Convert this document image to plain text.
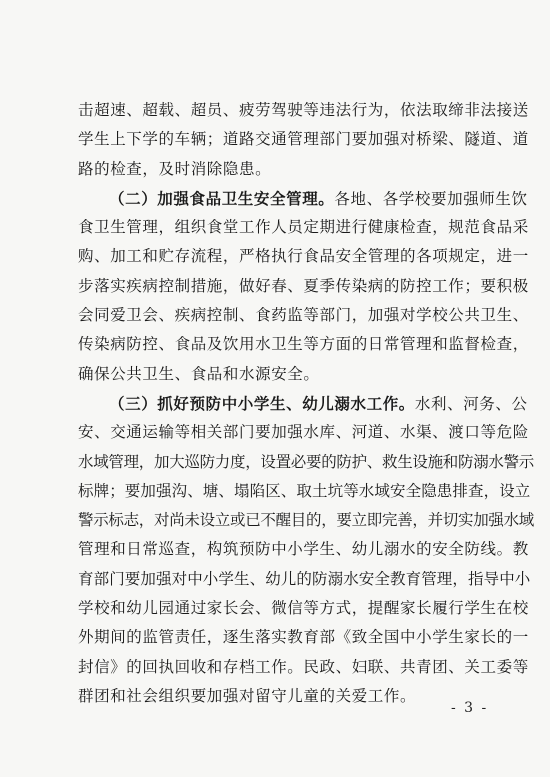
击超速、超载、超员、疲劳驾驶等违法行为，依法取缔非法接送
学生上下学的车辆；道路交通管理部门要加强对桥梁、隧道、道
路的检查，及时消除隐患。
（二）加强食品卫生安全管理。各地、各学校要加强师生饮
食卫生管理，组织食堂工作人员定期进行健康检查，规范食品采
购、加工和贮存流程，严格执行食品安全管理的各项规定，进一
步落实疾病控制措施，做好春、夏季传染病的防控工作；要积极
会同爱卫会、疾病控制、食药监等部门，加强对学校公共卫生、
传染病防控、食品及饮用水卫生等方面的日常管理和监督检查，
确保公共卫生、食品和水源安全。
（三）抓好预防中小学生、幼儿溺水工作。水利、河务、公
安、交通运输等相关部门要加强水库、河道、水渠、渡口等危险
水域管理，加大巡防力度，设置必要的防护、救生设施和防溺水警示
标牌；要加强沟、塘、塌陷区、取土坑等水域安全隐患排查，设立
警示标志，对尚未设立或已不醒目的，要立即完善，并切实加强水域
管理和日常巡查，构筑预防中小学生、幼儿溺水的安全防线。教
育部门要加强对中小学生、幼儿的防溺水安全教育管理，指导中小
学校和幼儿园通过家长会、微信等方式，提醒家长履行学生在校
外期间的监管责任，逐生落实教育部《致全国中小学生家长的一
封信》的回执回收和存档工作。民政、妇联、共青团、关工委等
群团和社会组织要加强对留守儿童的关爱工作。
- 3 -
